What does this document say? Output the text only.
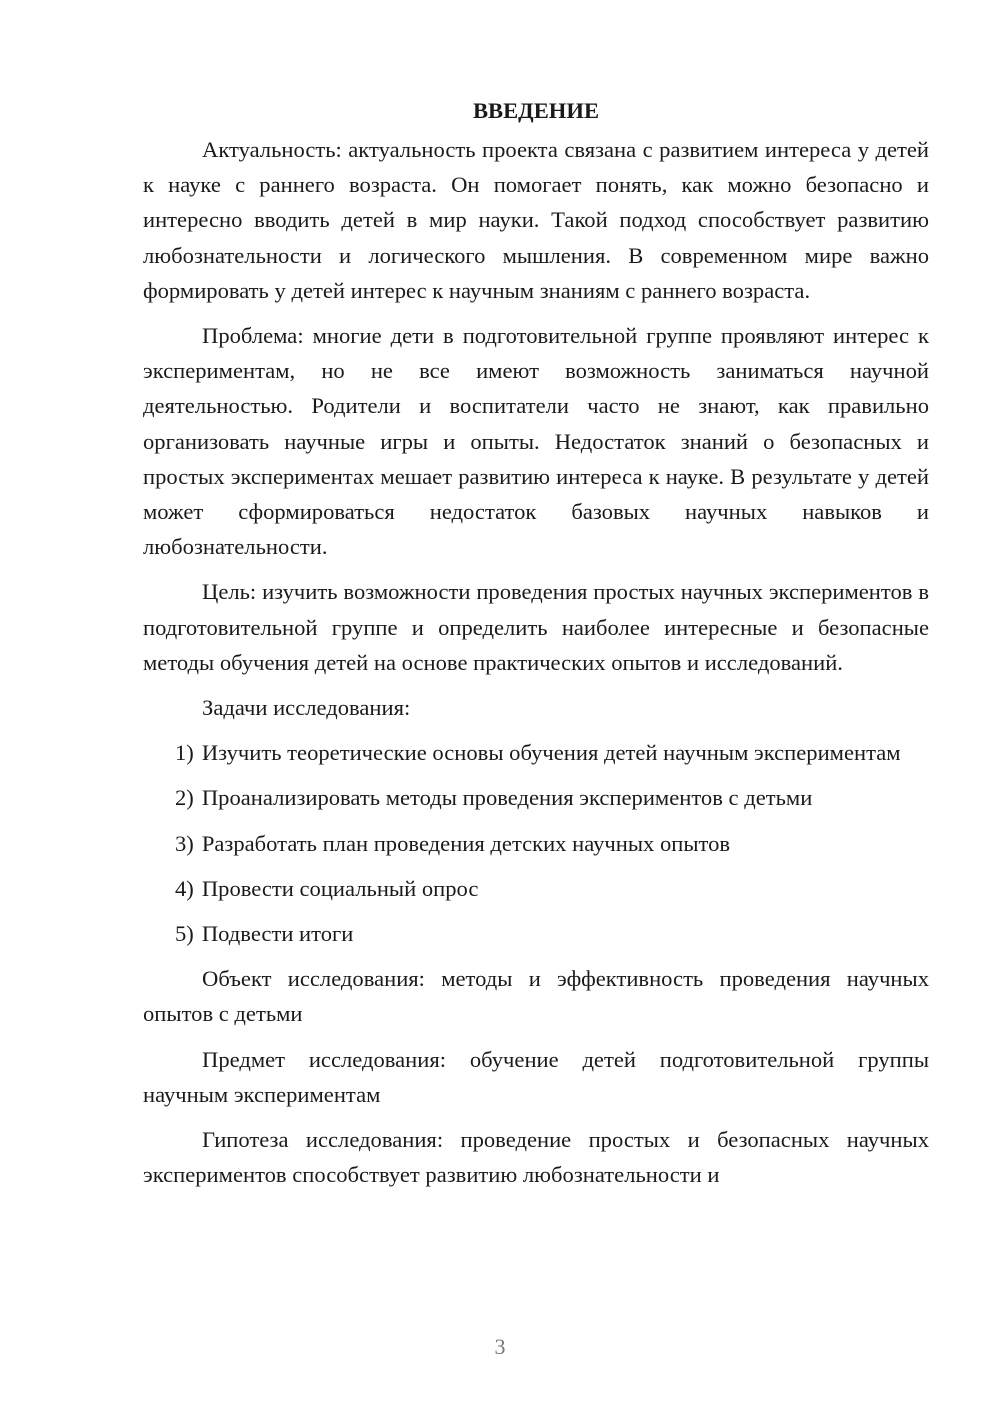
ВВЕДЕНИЕ

Актуальность: актуальность проекта связана с развитием интереса у детей к науке с раннего возраста. Он помогает понять, как можно безопасно и интересно вводить детей в мир науки. Такой подход способствует развитию любознательности и логического мышления. В современном мире важно формировать у детей интерес к научным знаниям с раннего возраста.

Проблема: многие дети в подготовительной группе проявляют интерес к экспериментам, но не все имеют возможность заниматься научной деятельностью. Родители и воспитатели часто не знают, как правильно организовать научные игры и опыты. Недостаток знаний о безопасных и простых экспериментах мешает развитию интереса к науке. В результате у детей может сформироваться недостаток базовых научных навыков и любознательности.

Цель: изучить возможности проведения простых научных экспериментов в подготовительной группе и определить наиболее интересные и безопасные методы обучения детей на основе практических опытов и исследований.

Задачи исследования:

1) Изучить теоретические основы обучения детей научным экспериментам

2) Проанализировать методы проведения экспериментов с детьми

3) Разработать план проведения детских научных опытов

4) Провести социальный опрос

5) Подвести итоги

Объект исследования: методы и эффективность проведения научных опытов с детьми

Предмет исследования: обучение детей подготовительной группы научным экспериментам

Гипотеза исследования: проведение простых и безопасных научных экспериментов способствует развитию любознательности и

3
